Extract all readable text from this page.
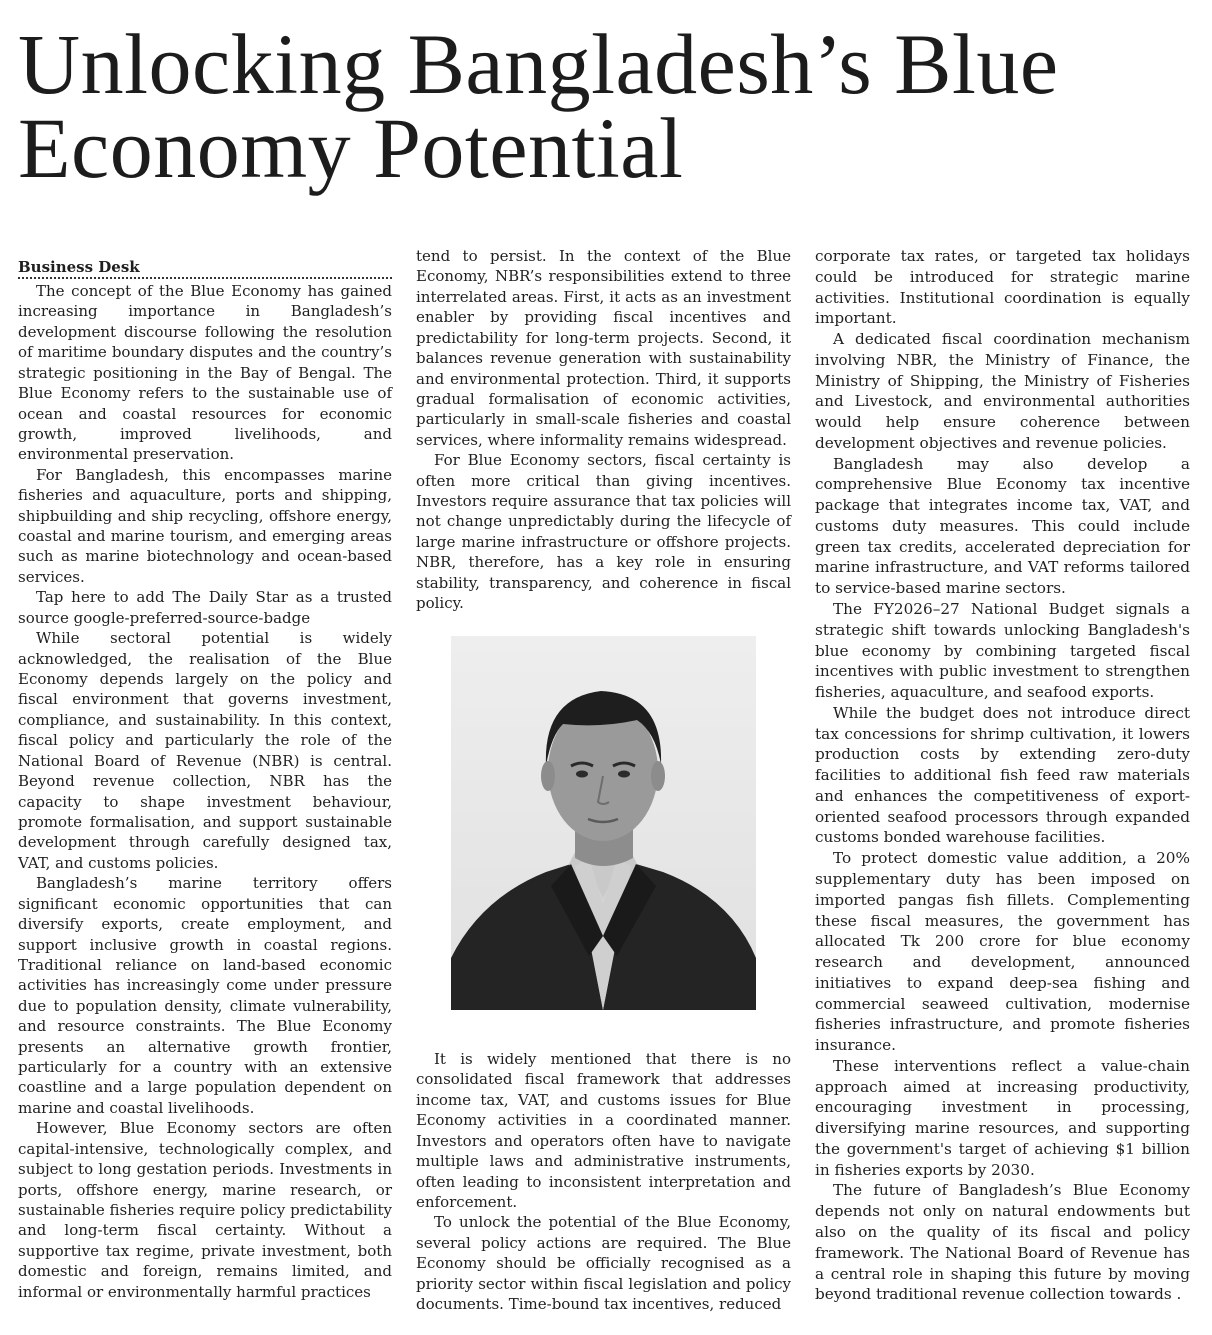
Unlocking Bangladesh’s Blue Economy Potential
Business Desk

The concept of the Blue Economy has gained increasing importance in Bangladesh’s development discourse following the resolution of maritime boundary disputes and the country’s strategic positioning in the Bay of Bengal. The Blue Economy refers to the sustainable use of ocean and coastal resources for economic growth, improved livelihoods, and environmental preservation.

For Bangladesh, this encompasses marine fisheries and aquaculture, ports and shipping, shipbuilding and ship recycling, offshore energy, coastal and marine tourism, and emerging areas such as marine biotechnology and ocean-based services.

Tap here to add The Daily Star as a trusted source google-preferred-source-badge

While sectoral potential is widely acknowledged, the realisation of the Blue Economy depends largely on the policy and fiscal environment that governs investment, compliance, and sustainability. In this context, fiscal policy and particularly the role of the National Board of Revenue (NBR) is central. Beyond revenue collection, NBR has the capacity to shape investment behaviour, promote formalisation, and support sustainable development through carefully designed tax, VAT, and customs policies.

Bangladesh’s marine territory offers significant economic opportunities that can diversify exports, create employment, and support inclusive growth in coastal regions. Traditional reliance on land-based economic activities has increasingly come under pressure due to population density, climate vulnerability, and resource constraints. The Blue Economy presents an alternative growth frontier, particularly for a country with an extensive coastline and a large population dependent on marine and coastal livelihoods.

However, Blue Economy sectors are often capital-intensive, technologically complex, and subject to long gestation periods. Investments in ports, offshore energy, marine research, or sustainable fisheries require policy predictability and long-term fiscal certainty. Without a supportive tax regime, private investment, both domestic and foreign, remains limited, and informal or environmentally harmful practices

tend to persist. In the context of the Blue Economy, NBR’s responsibilities extend to three interrelated areas. First, it acts as an investment enabler by providing fiscal incentives and predictability for long-term projects. Second, it balances revenue generation with sustainability and environmental protection. Third, it supports gradual formalisation of economic activities, particularly in small-scale fisheries and coastal services, where informality remains widespread.

For Blue Economy sectors, fiscal certainty is often more critical than giving incentives. Investors require assurance that tax policies will not change unpredictably during the lifecycle of large marine infrastructure or offshore projects. NBR, therefore, has a key role in ensuring stability, transparency, and coherence in fiscal policy.

It is widely mentioned that there is no consolidated fiscal framework that addresses income tax, VAT, and customs issues for Blue Economy activities in a coordinated manner. Investors and operators often have to navigate multiple laws and administrative instruments, often leading to inconsistent interpretation and enforcement.

To unlock the potential of the Blue Economy, several policy actions are required. The Blue Economy should be officially recognised as a priority sector within fiscal legislation and policy documents. Time-bound tax incentives, reduced

corporate tax rates, or targeted tax holidays could be introduced for strategic marine activities. Institutional coordination is equally important.

A dedicated fiscal coordination mechanism involving NBR, the Ministry of Finance, the Ministry of Shipping, the Ministry of Fisheries and Livestock, and environmental authorities would help ensure coherence between development objectives and revenue policies.

Bangladesh may also develop a comprehensive Blue Economy tax incentive package that integrates income tax, VAT, and customs duty measures. This could include green tax credits, accelerated depreciation for marine infrastructure, and VAT reforms tailored to service-based marine sectors.

The FY2026–27 National Budget signals a strategic shift towards unlocking Bangladesh's blue economy by combining targeted fiscal incentives with public investment to strengthen fisheries, aquaculture, and seafood exports.

While the budget does not introduce direct tax concessions for shrimp cultivation, it lowers production costs by extending zero-duty facilities to additional fish feed raw materials and enhances the competitiveness of export-oriented seafood processors through expanded customs bonded warehouse facilities.

To protect domestic value addition, a 20% supplementary duty has been imposed on imported pangas fish fillets. Complementing these fiscal measures, the government has allocated Tk 200 crore for blue economy research and development, announced initiatives to expand deep-sea fishing and commercial seaweed cultivation, modernise fisheries infrastructure, and promote fisheries insurance.

These interventions reflect a value-chain approach aimed at increasing productivity, encouraging investment in processing, diversifying marine resources, and supporting the government's target of achieving $1 billion in fisheries exports by 2030.

The future of Bangladesh’s Blue Economy depends not only on natural endowments but also on the quality of its fiscal and policy framework. The National Board of Revenue has a central role in shaping this future by moving beyond traditional revenue collection towards .
